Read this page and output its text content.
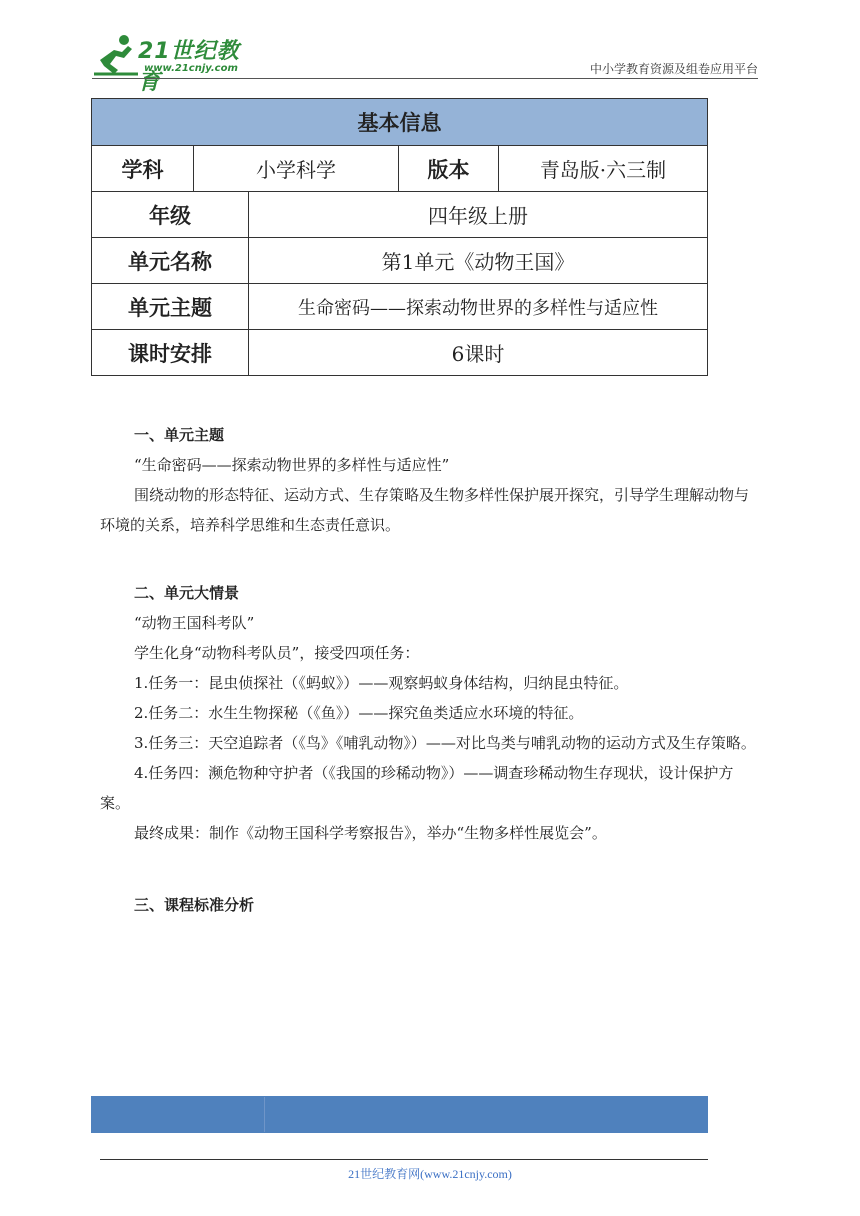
21世纪教育
www.21cnjy.com	中小学教育资源及组卷应用平台
基本信息				
学科	小学科学		版本	青岛版·六三制
年级		四年级上册		
单元名称		第1单元《动物王国》		
单元主题		生命密码——探索动物世界的多样性与适应性		
课时安排		6课时		

一、单元主题

“生命密码——探索动物世界的多样性与适应性”

围绕动物的形态特征、运动方式、生存策略及生物多样性保护展开探究，引导学生理解动物与环境的关系，培养科学思维和生态责任意识。

二、单元大情景

“动物王国科考队”

学生化身“动物科考队员”，接受四项任务：

1.任务一：昆虫侦探社（《蚂蚁》）——观察蚂蚁身体结构，归纳昆虫特征。

2.任务二：水生生物探秘（《鱼》）——探究鱼类适应水环境的特征。

3.任务三：天空追踪者（《鸟》《哺乳动物》）——对比鸟类与哺乳动物的运动方式及生存策略。

4.任务四：濒危物种守护者（《我国的珍稀动物》）——调查珍稀动物生存现状，设计保护方案。

最终成果：制作《动物王国科学考察报告》，举办“生物多样性展览会”。

三、课程标准分析

21世纪教育网(www.21cnjy.com)
